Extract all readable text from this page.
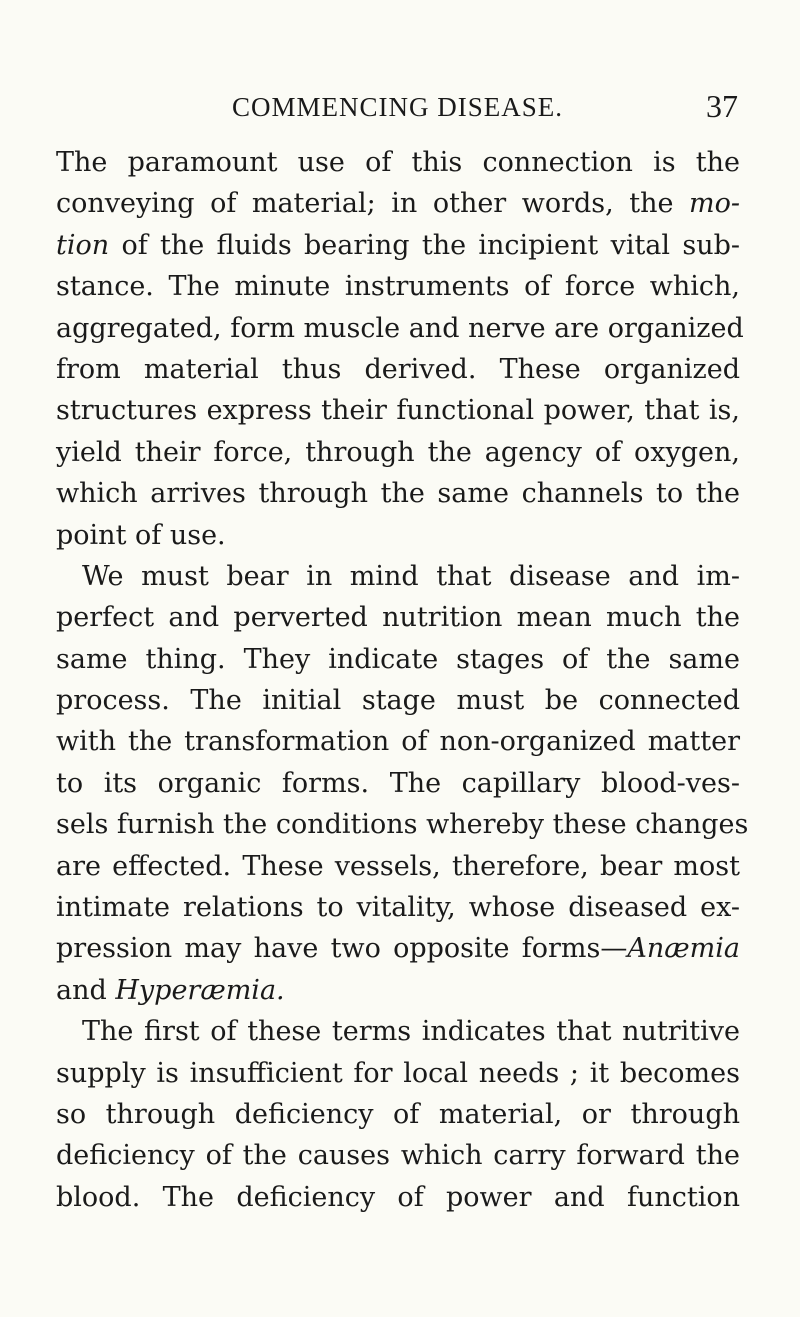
COMMENCING DISEASE.	37
The paramount use of this connection is the
conveying of material; in other words, the mo-
tion of the fluids bearing the incipient vital sub-
stance. The minute instruments of force which,
aggregated, form muscle and nerve are organized
from material thus derived. These organized
structures express their functional power, that is,
yield their force, through the agency of oxygen,
which arrives through the same channels to the
point of use.
We must bear in mind that disease and im-
perfect and perverted nutrition mean much the
same thing. They indicate stages of the same
process. The initial stage must be connected
with the transformation of non-organized matter
to its organic forms. The capillary blood-ves-
sels furnish the conditions whereby these changes
are effected. These vessels, therefore, bear most
intimate relations to vitality, whose diseased ex-
pression may have two opposite forms—Anæmia
and Hyperæmia.
The first of these terms indicates that nutritive
supply is insufficient for local needs ; it becomes
so through deficiency of material, or through
deficiency of the causes which carry forward the
blood. The deficiency of power and function
